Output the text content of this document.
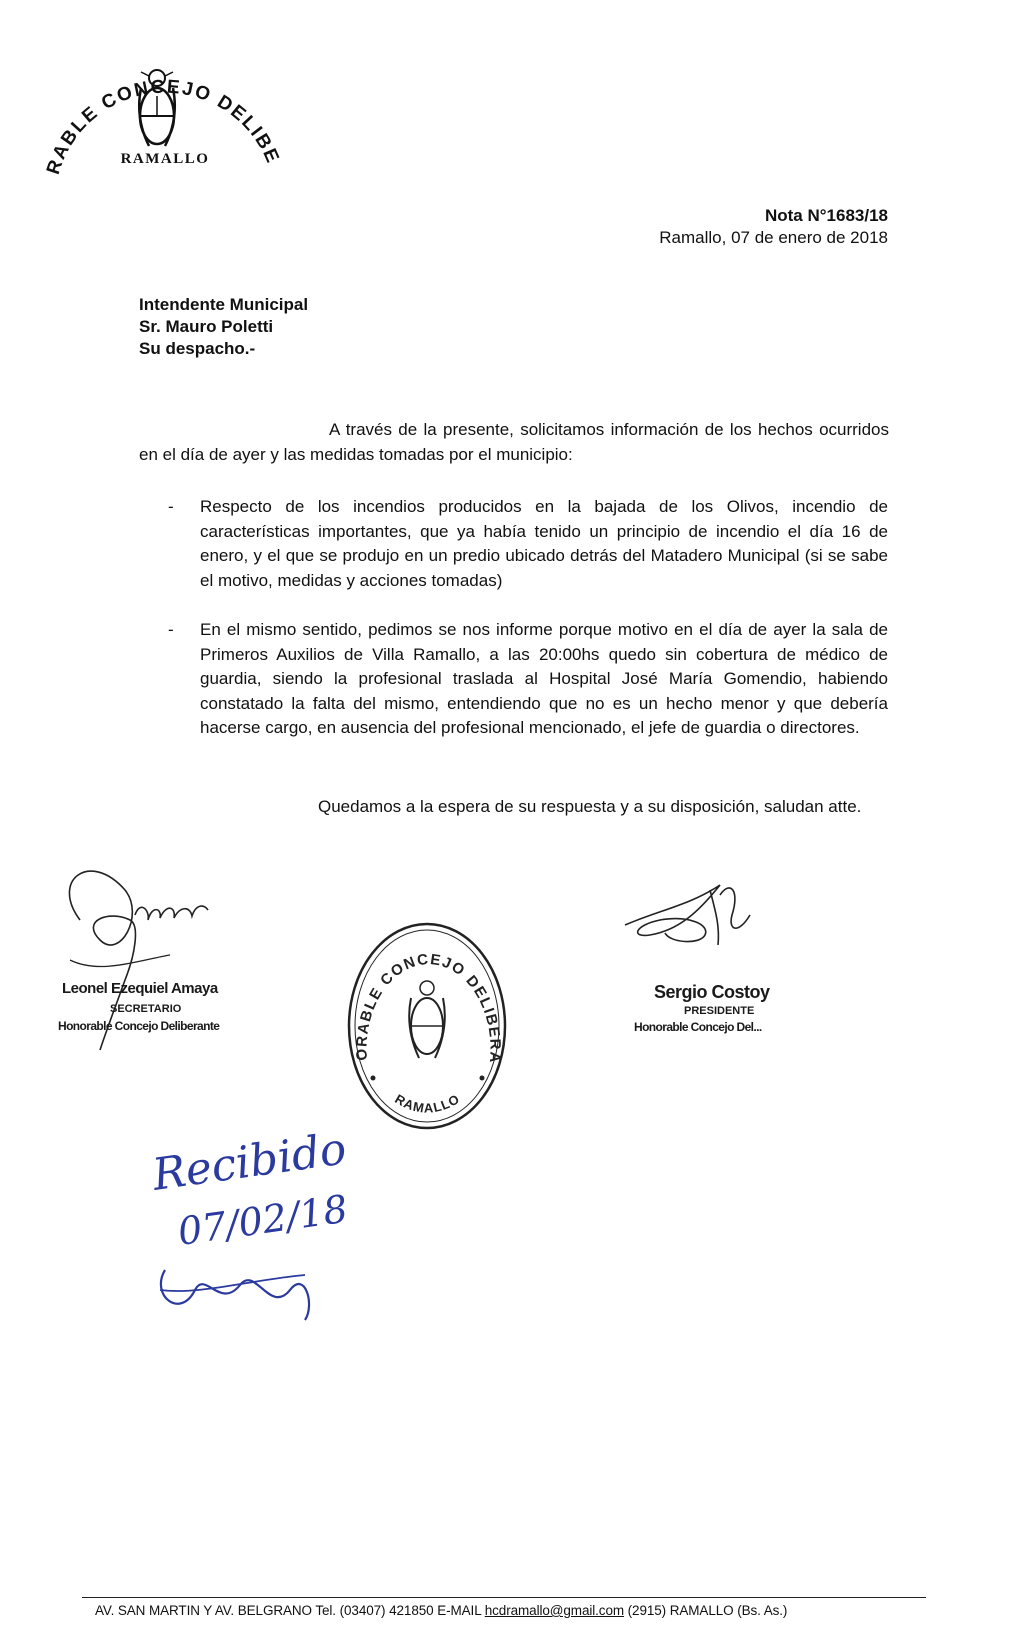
RABLE CONCEJO DELIBE
RAMALLO
Nota N°1683/18
Ramallo, 07 de enero de 2018
Intendente Municipal
Sr. Mauro Poletti
Su despacho.-
A través de la presente, solicitamos información de los hechos ocurridos en el día de ayer y las medidas tomadas por el municipio:
- Respecto de los incendios producidos en la bajada de los Olivos, incendio de características importantes, que ya había tenido un principio de incendio el día 16 de enero, y el que se produjo en un predio ubicado detrás del Matadero Municipal (si se sabe el motivo, medidas y acciones tomadas)
- En el mismo sentido, pedimos se nos informe porque motivo en el día de ayer la sala de Primeros Auxilios de Villa Ramallo, a las 20:00hs quedo sin cobertura de médico de guardia, siendo la profesional traslada al Hospital José María Gomendio, habiendo constatado la falta del mismo, entendiendo que no es un hecho menor y que debería hacerse cargo, en ausencia del profesional mencionado, el jefe de guardia o directores.
Quedamos a la espera de su respuesta y a su disposición, saludan atte.
Leonel Ezequiel Amaya
SECRETARIO
Honorable Concejo Deliberante
ORABLE CONCEJO DELIBERA
RAMALLO
Sergio Costoy
PRESIDENTE
Honorable Concejo Del...
Recibido
07/02/18
AV. SAN MARTIN Y AV. BELGRANO Tel. (03407) 421850 E-MAIL hcdramallo@gmail.com (2915) RAMALLO (Bs. As.)
